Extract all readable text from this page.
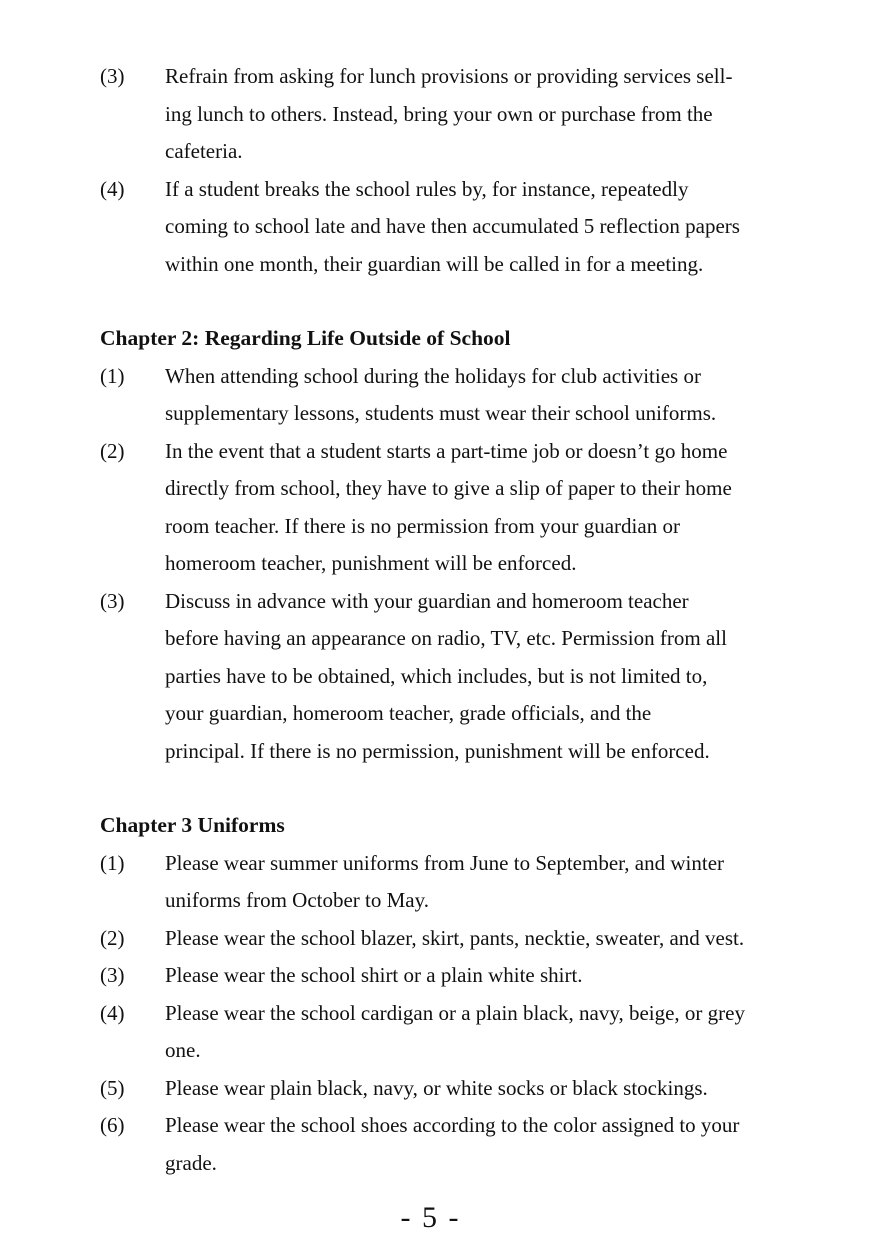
(3)	Refrain from asking for lunch provisions or providing services sell-
ing lunch to others. Instead, bring your own or purchase from the
cafeteria.
(4)	If a student breaks the school rules by, for instance, repeatedly
coming to school late and have then accumulated 5 reflection papers
within one month, their guardian will be called in for a meeting.
Chapter 2: Regarding Life Outside of School
(1)	When attending school during the holidays for club activities or
supplementary lessons, students must wear their school uniforms.
(2)	In the event that a student starts a part-time job or doesn’t go home
directly from school, they have to give a slip of paper to their home
room teacher. If there is no permission from your guardian or
homeroom teacher, punishment will be enforced.
(3)	Discuss in advance with your guardian and homeroom teacher
before having an appearance on radio, TV, etc. Permission from all
parties have to be obtained, which includes, but is not limited to,
your guardian, homeroom teacher, grade officials, and the
principal. If there is no permission, punishment will be enforced.
Chapter 3 Uniforms
(1)	Please wear summer uniforms from June to September, and winter
uniforms from October to May.
(2)	Please wear the school blazer, skirt, pants, necktie, sweater, and vest.
(3)	Please wear the school shirt or a plain white shirt.
(4)	Please wear the school cardigan or a plain black, navy, beige, or grey
one.
(5)	Please wear plain black, navy, or white socks or black stockings.
(6)	Please wear the school shoes according to the color assigned to your
grade.
- 5 -
